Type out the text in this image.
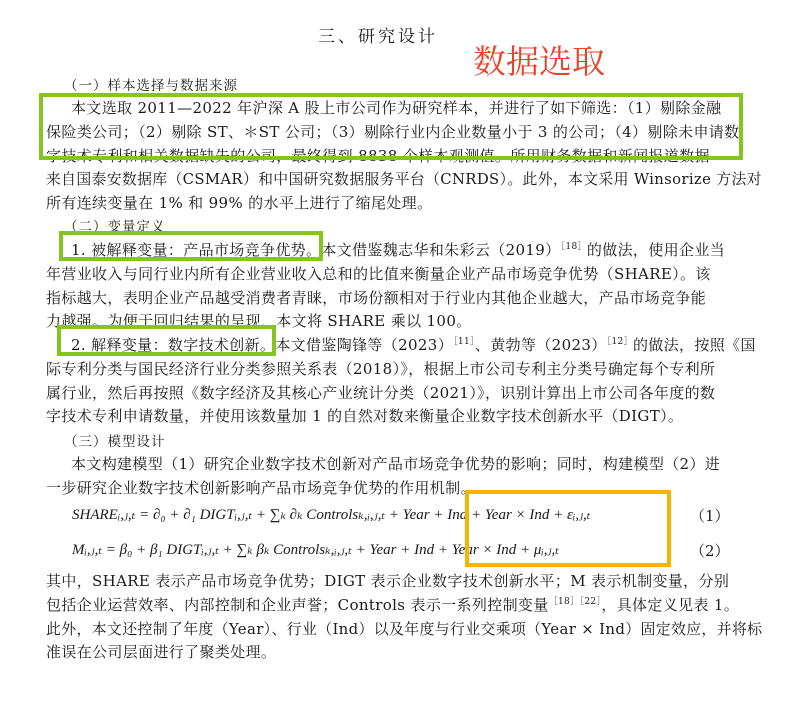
三、研究设计
数据选取
（一）样本选择与数据来源
本文选取 2011—2022 年沪深 A 股上市公司作为研究样本，并进行了如下筛选：（1）剔除金融
保险类公司；（2）剔除 ST、＊ST 公司；（3）剔除行业内企业数量小于 3 的公司；（4）剔除未申请数
字技术专利和相关数据缺失的公司，最终得到 8838 个样本观测值。所用财务数据和新闻报道数据
来自国泰安数据库（CSMAR）和中国研究数据服务平台（CNRDS）。此外，本文采用 Winsorize 方法对
所有连续变量在 1% 和 99% 的水平上进行了缩尾处理。
（二）变量定义
1. 被解释变量：产品市场竞争优势。本文借鉴魏志华和朱彩云$(2019)^{[18]}$的做法，使用企业当
年营业收入与同行业内所有企业营业收入总和的比值来衡量企业产品市场竞争优势（SHARE）。该
指标越大，表明企业产品越受消费者青睐，市场份额相对于行业内其他企业越大，产品市场竞争能
力越强。为便于回归结果的呈现，本文将 SHARE 乘以 100。
2. 解释变量：数字技术创新。本文借鉴陶锋等$(2023)^{[11]}$、黄勃等$(2023)^{[12]}$的做法，按照《国
际专利分类与国民经济行业分类参照关系表（2018）》，根据上市公司专利主分类号确定每个专利所
属行业，然后再按照《数字经济及其核心产业统计分类（2021）》，识别计算出上市公司各年度的数
字技术专利申请数量，并使用该数量加 1 的自然对数来衡量企业数字技术创新水平（DIGT）。
（三）模型设计
本文构建模型（1）研究企业数字技术创新对产品市场竞争优势的影响；同时，构建模型（2）进
一步研究企业数字技术创新影响产品市场竞争优势的作用机制。
SHAREᵢ,ⱼ,ₜ = ∂₀ + ∂₁ DIGTᵢ,ⱼ,ₜ + ∑ₖ ∂ₖ Controlsₖ,ᵢ,ⱼ,ₜ + Year + Ind + Year × Ind + εᵢ,ⱼ,ₜ	（1）
Mᵢ,ⱼ,ₜ = β₀ + β₁ DIGTᵢ,ⱼ,ₜ + ∑ₖ βₖ Controlsₖ,ᵢ,ⱼ,ₜ + Year + Ind + Year × Ind + μᵢ,ⱼ,ₜ	（2）
其中，SHARE 表示产品市场竞争优势；DIGT 表示企业数字技术创新水平；M 表示机制变量，分别
包括企业运营效率、内部控制和企业声誉；Controls 表示一系列控制变量$^{[18][22]}$，具体定义见表 1。
此外，本文还控制了年度（Year）、行业（Ind）以及年度与行业交乘项（Year × Ind）固定效应，并将标
准误在公司层面进行了聚类处理。
